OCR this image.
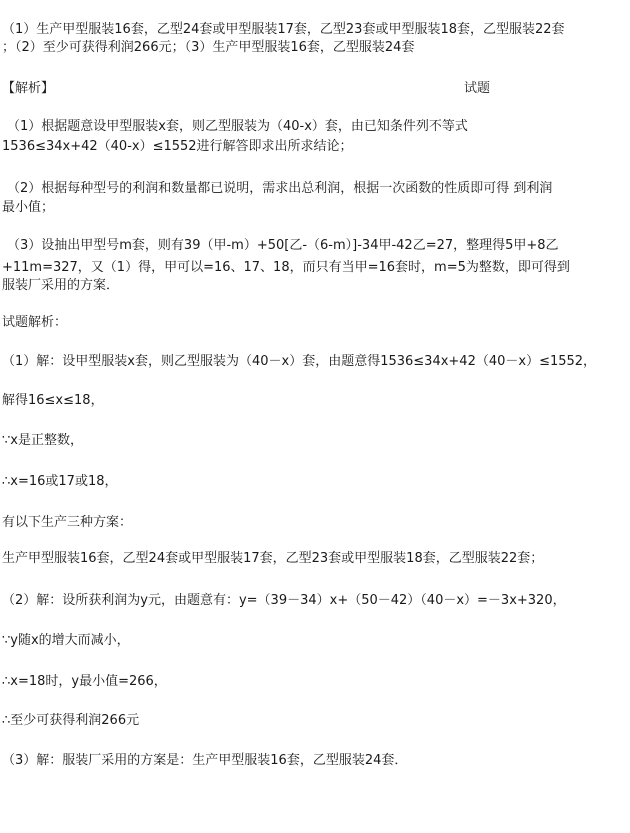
（1）生产甲型服装16套，乙型24套或甲型服装17套，乙型23套或甲型服装18套，乙型服装22套
；（2）至少可获得利润266元；（3）生产甲型服装16套，乙型服装24套
【解析】	试题
（1）根据题意设甲型服装x套，则乙型服装为（40-x）套，由已知条件列不等式
1536≤34x+42（40-x）≤1552进行解答即求出所求结论；
（2）根据每种型号的利润和数量都已说明，需求出总利润，根据一次函数的性质即可得 到利润
最小值；
（3）设抽出甲型号m套，则有39（甲-m）+50[乙-（6-m）]-34甲-42乙=27，整理得5甲+8乙
+11m=327，又（1）得，甲可以=16、17、18，而只有当甲=16套时，m=5为整数，即可得到
服装厂采用的方案．
试题解析：
（1）解：设甲型服装x套，则乙型服装为（40－x）套，由题意得1536≤34x+42（40－x）≤1552，
解得16≤x≤18，
∵x是正整数，
∴x=16或17或18，
有以下生产三种方案：
生产甲型服装16套，乙型24套或甲型服装17套，乙型23套或甲型服装18套，乙型服装22套；
（2）解：设所获利润为y元，由题意有：y=（39－34）x+（50－42）（40－x）=－3x+320，
∵y随x的增大而减小，
∴x=18时，y最小值=266，
∴至少可获得利润266元
（3）解：服装厂采用的方案是：生产甲型服装16套，乙型服装24套．
